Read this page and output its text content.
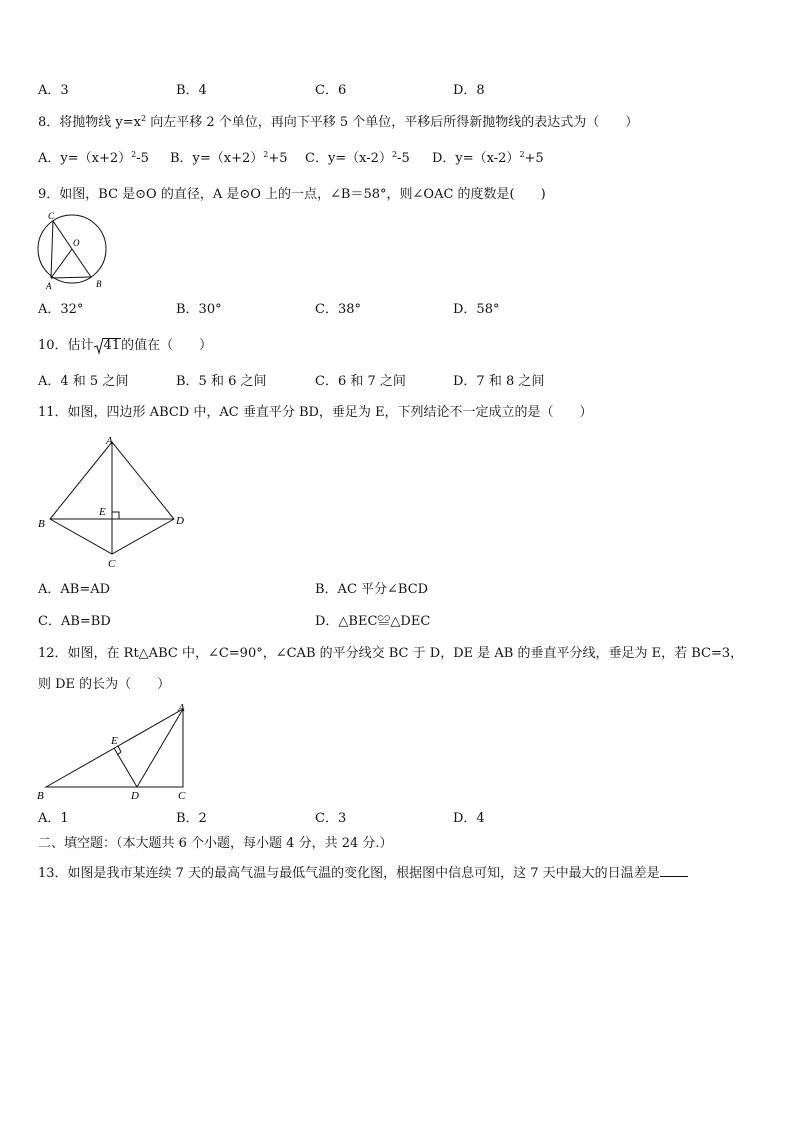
A．3	B．4	C．6	D．8
8．将抛物线 $y=x^2$ 向左平移 2 个单位，再向下平移 5 个单位，平移后所得新抛物线的表达式为（　　）
A．$y=(x+2)^2-5$ B．$y=(x+2)^2+5$ C．$y=(x-2)^2-5$ D．$y=(x-2)^2+5$
9．如图，BC 是⊙O 的直径，A 是⊙O 上的一点，∠B＝58°，则∠OAC 的度数是(　　)
C
O
A	B
A．32°	B．30°	C．38°	D．58°
10．估计 41的值在（　　）
A．4 和 5 之间	B．5 和 6 之间	C．6 和 7 之间	D．7 和 8 之间
11．如图，四边形 ABCD 中，AC 垂直平分 BD，垂足为 E，下列结论不一定成立的是（　　）
A
B
C
D
E
A．AB=AD	B．AC 平分∠BCD
C．AB=BD	D．△BEC≌△DEC
12．如图，在 Rt△ABC 中，∠C=90°，∠CAB 的平分线交 BC 于 D，DE 是 AB 的垂直平分线，垂足为 E，若 BC=3，
则 DE 的长为（　　）
A
B	C
D
E
A．1	B．2	C．3	D．4
二、填空题：（本大题共 6 个小题，每小题 4 分，共 24 分.）
13．如图是我市某连续 7 天的最高气温与最低气温的变化图，根据图中信息可知，这 7 天中最大的日温差是
